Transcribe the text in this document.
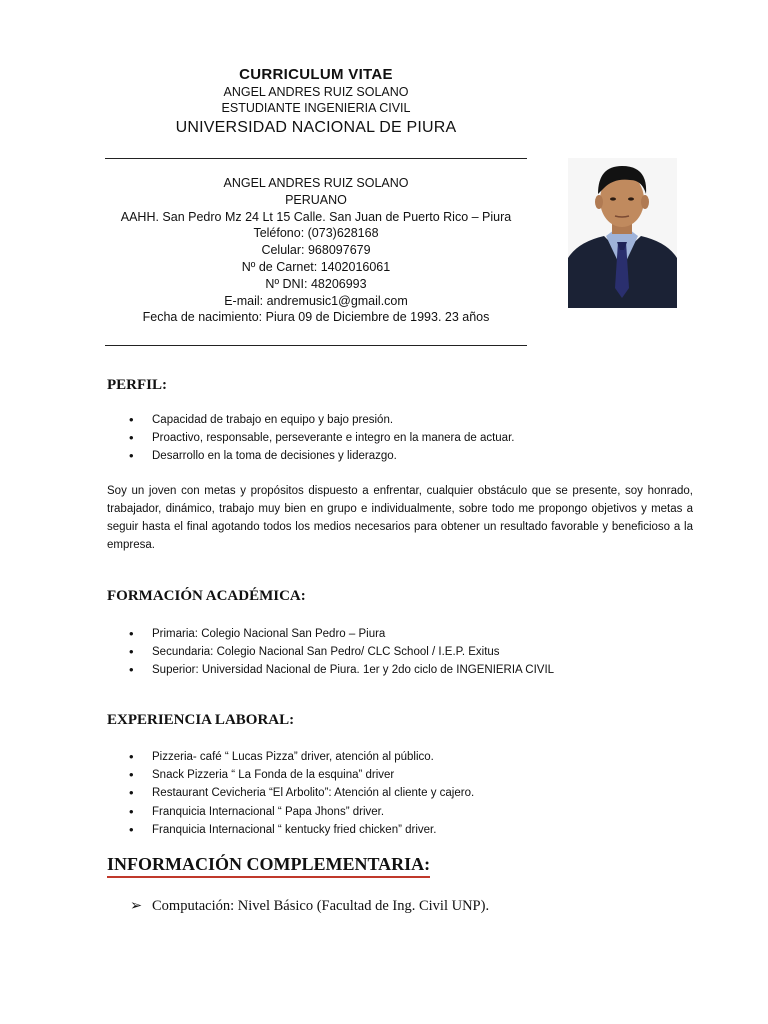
CURRICULUM VITAE
ANGEL ANDRES RUIZ SOLANO
ESTUDIANTE INGENIERIA CIVIL
UNIVERSIDAD NACIONAL DE PIURA
ANGEL ANDRES RUIZ SOLANO
PERUANO
AAHH. San Pedro Mz 24 Lt 15 Calle. San Juan de Puerto Rico – Piura
Teléfono: (073)628168
Celular: 968097679
Nº de Carnet: 1402016061
Nº DNI: 48206993
E-mail: andremusic1@gmail.com
Fecha de nacimiento: Piura 09 de Diciembre de 1993. 23 años
PERFIL:
• Capacidad de trabajo en equipo y bajo presión.
• Proactivo, responsable, perseverante e integro en la manera de actuar.
• Desarrollo en la toma de decisiones y liderazgo.
Soy un joven con metas y propósitos dispuesto a enfrentar, cualquier obstáculo que se presente, soy honrado, trabajador, dinámico, trabajo muy bien en grupo e individualmente, sobre todo me propongo objetivos y metas a seguir hasta el final agotando todos los medios necesarios para obtener un resultado favorable y beneficioso a la empresa.
FORMACIÓN ACADÉMICA:
• Primaria: Colegio Nacional San Pedro – Piura
• Secundaria: Colegio Nacional San Pedro/ CLC School / I.E.P. Exitus
• Superior: Universidad Nacional de Piura. 1er y 2do ciclo de INGENIERIA CIVIL
EXPERIENCIA LABORAL:
• Pizzeria- café “ Lucas Pizza” driver, atención al público.
• Snack Pizzeria “ La Fonda de la esquina” driver
• Restaurant Cevicheria “El Arbolito”: Atención al cliente y cajero.
• Franquicia Internacional “ Papa Jhons” driver.
• Franquicia Internacional “ kentucky fried chicken” driver.
INFORMACIÓN COMPLEMENTARIA:
➢ Computación: Nivel Básico (Facultad de Ing. Civil UNP).
